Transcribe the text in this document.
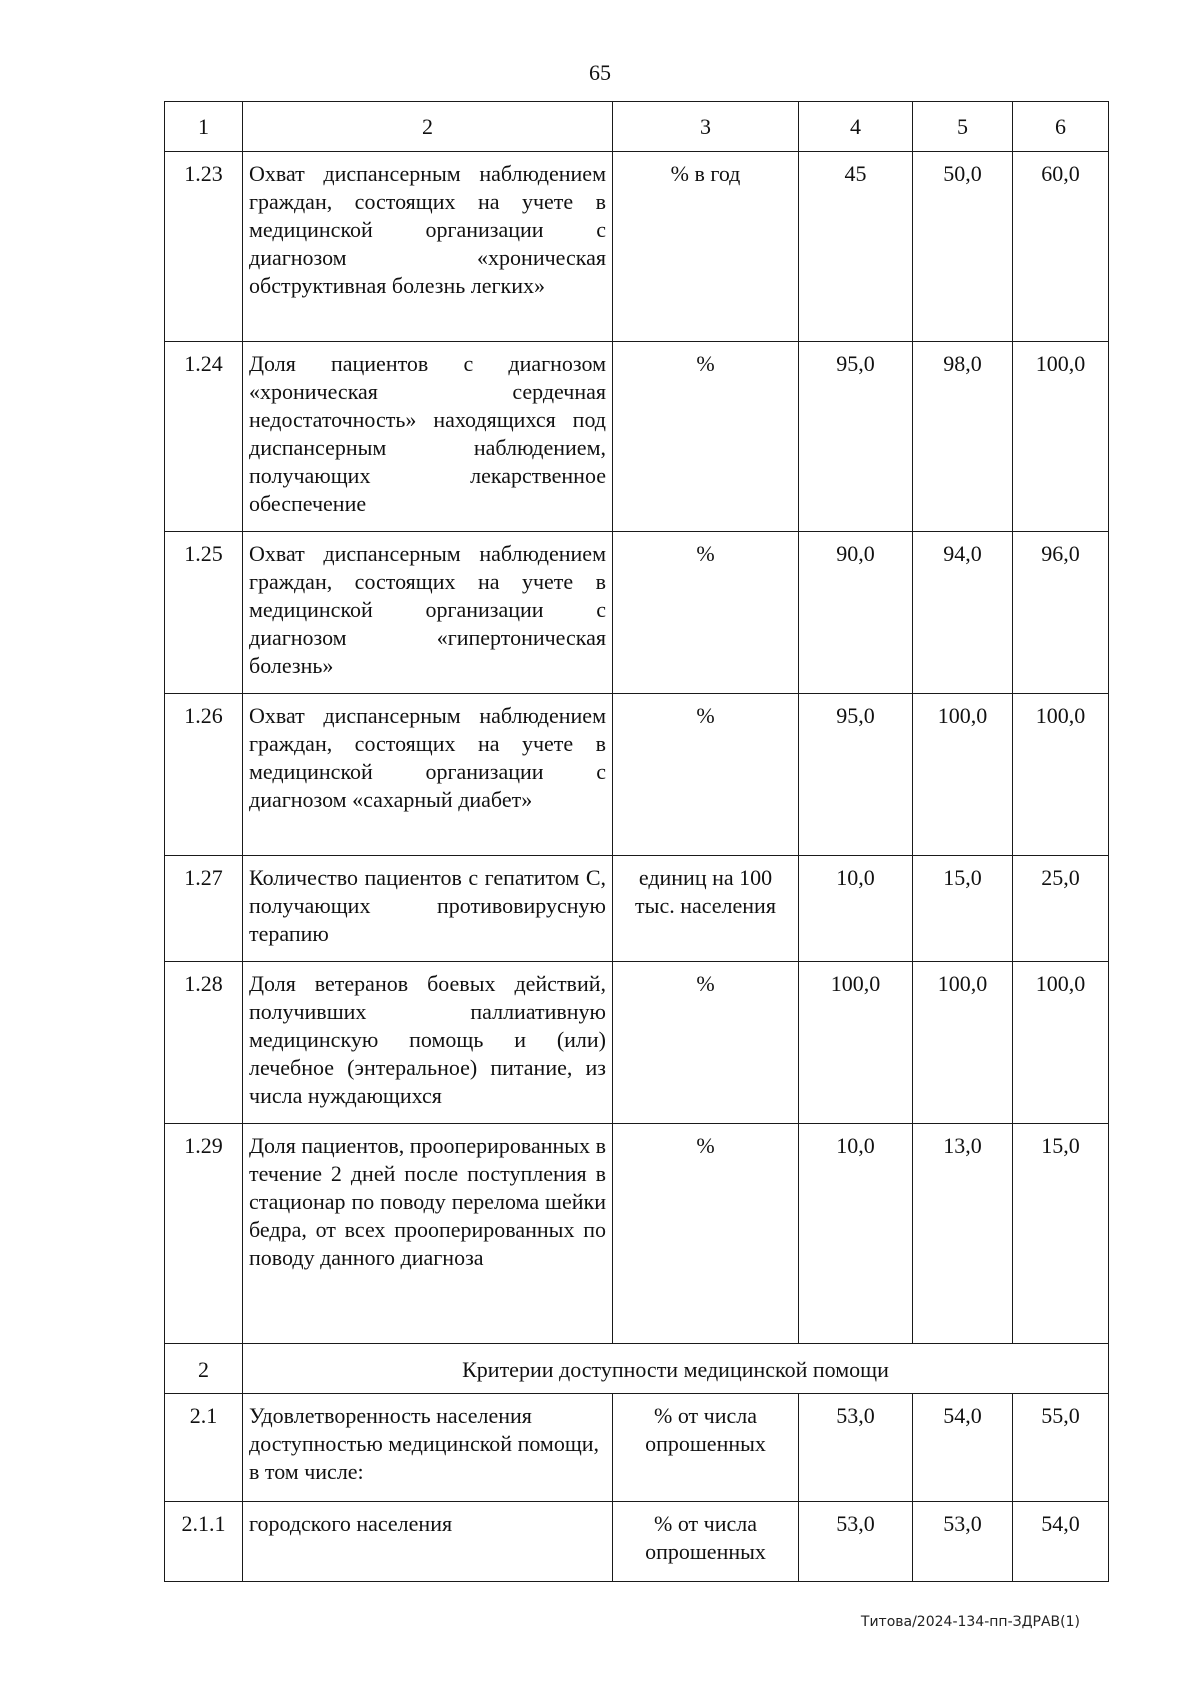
65
1	2	3	4	5	6
1.23	Охват диспансерным наблюдением граждан, состоящих на учете в медицинской организации с диагнозом «хроническая обструктивная болезнь легких»	% в год	45	50,0	60,0
1.24	Доля пациентов с диагнозом «хроническая сердечная недостаточность» находящихся под диспансерным наблюдением, получающих лекарственное обеспечение	%	95,0	98,0	100,0
1.25	Охват диспансерным наблюдением граждан, состоящих на учете в медицинской организации с диагнозом «гипертоническая болезнь»	%	90,0	94,0	96,0
1.26	Охват диспансерным наблюдением граждан, состоящих на учете в медицинской организации с диагнозом «сахарный диабет»	%	95,0	100,0	100,0
1.27	Количество пациентов с гепатитом С, получающих противовирусную терапию	единиц на 100 тыс. населения	10,0	15,0	25,0
1.28	Доля ветеранов боевых действий, получивших паллиативную медицинскую помощь и (или) лечебное (энтеральное) питание, из числа нуждающихся	%	100,0	100,0	100,0
1.29	Доля пациентов, прооперированных в течение 2 дней после поступления в стационар по поводу перелома шейки бедра, от всех прооперированных по поводу данного диагноза	%	10,0	13,0	15,0
2	Критерии доступности медицинской помощи				
2.1	Удовлетворенность населения доступностью медицинской помощи, в том числе:	% от числа опрошенных	53,0	54,0	55,0
2.1.1	городского населения	% от числа опрошенных	53,0	53,0	54,0
Титова/2024-134-пп-ЗДРАВ(1)
